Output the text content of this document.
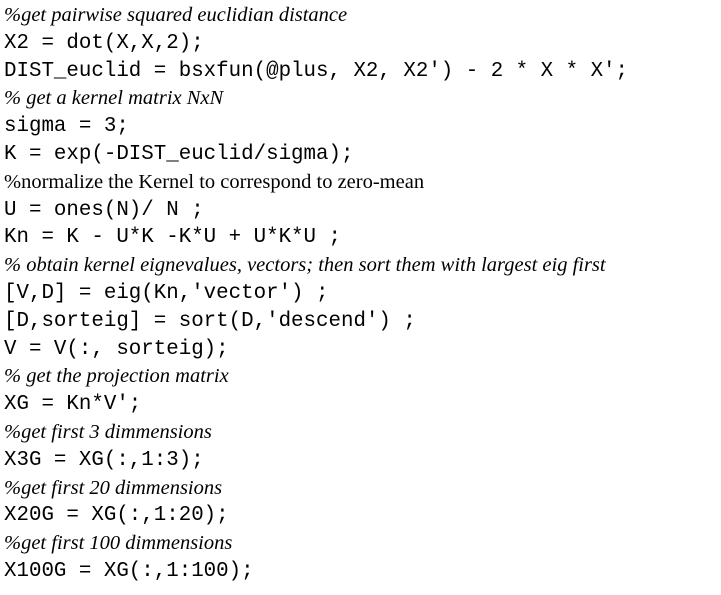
%get pairwise squared euclidian distance
X2 = dot(X,X,2);
DIST_euclid = bsxfun(@plus, X2, X2') - 2 * X * X';
% get a kernel matrix NxN
sigma = 3;
K = exp(-DIST_euclid/sigma);
%normalize the Kernel to correspond to zero-mean
U = ones(N)/ N ;
Kn = K - U*K -K*U + U*K*U ;
% obtain kernel eignevalues, vectors; then sort them with largest eig first
[V,D] = eig(Kn,'vector') ;
[D,sorteig] = sort(D,'descend') ;
V = V(:, sorteig);
% get the projection matrix
XG = Kn*V';
%get first 3 dimmensions
X3G = XG(:,1:3);
%get first 20 dimmensions
X20G = XG(:,1:20);
%get first 100 dimmensions
X100G = XG(:,1:100);
